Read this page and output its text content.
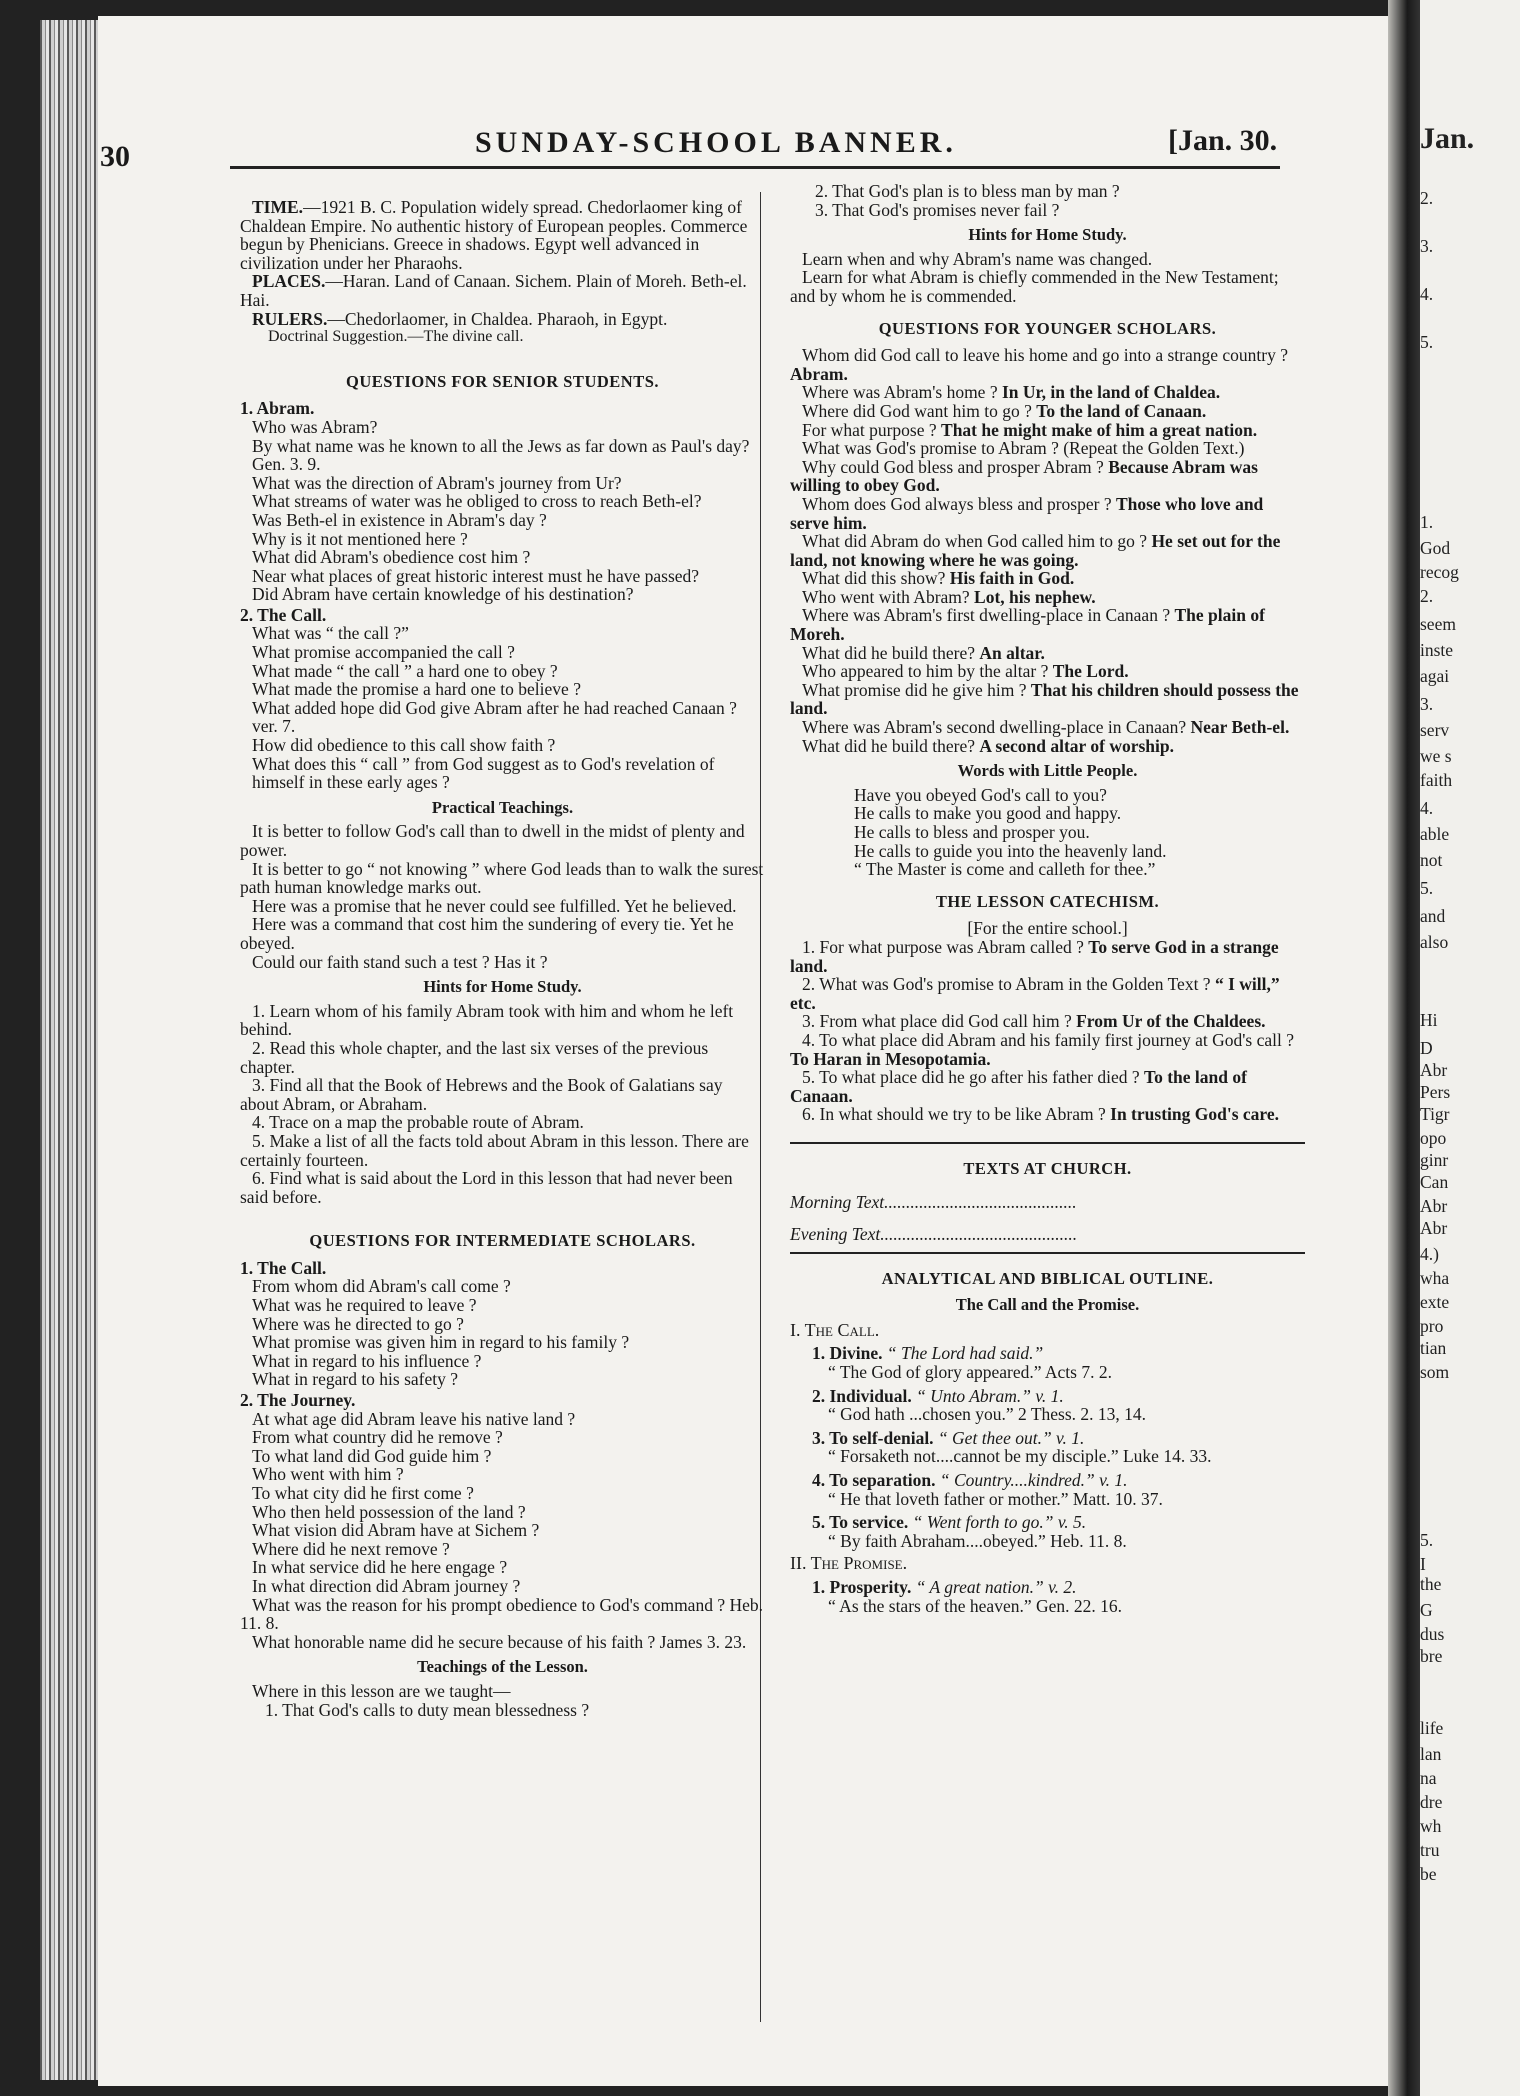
Jan.
2.
3.
4.
5.
1.
God
recog
2.
seem
inste
agai
3.
serv
we s
faith
4.
able
not
5.
and
also
Hi
D
Abr
Pers
Tigr
opo
ginr
Can
Abr
Abr
4.)
wha
exte
pro
tian
som
5.
I
the
G
dus
bre
life
lan
na
dre
wh
tru
be
30	SUNDAY-SCHOOL BANNER.	[Jan. 30.

TIME.—1921 B. C. Population widely spread. Chedorlaomer king of Chaldean Empire. No authentic history of European peoples. Commerce begun by Phenicians. Greece in shadows. Egypt well advanced in civilization under her Pharaohs.

PLACES.—Haran. Land of Canaan. Sichem. Plain of Moreh. Beth-el. Hai.

RULERS.—Chedorlaomer, in Chaldea. Pharaoh, in Egypt.

Doctrinal Suggestion.—The divine call.

QUESTIONS FOR SENIOR STUDENTS.

1. Abram.

Who was Abram?

By what name was he known to all the Jews as far down as Paul's day? Gen. 3. 9.

What was the direction of Abram's journey from Ur?

What streams of water was he obliged to cross to reach Beth-el?

Was Beth-el in existence in Abram's day ?

Why is it not mentioned here ?

What did Abram's obedience cost him ?

Near what places of great historic interest must he have passed?

Did Abram have certain knowledge of his destination?

2. The Call.

What was “ the call ?”

What promise accompanied the call ?

What made “ the call ” a hard one to obey ?

What made the promise a hard one to believe ?

What added hope did God give Abram after he had reached Canaan ? ver. 7.

How did obedience to this call show faith ?

What does this “ call ” from God suggest as to God's revelation of himself in these early ages ?

Practical Teachings.

It is better to follow God's call than to dwell in the midst of plenty and power.

It is better to go “ not knowing ” where God leads than to walk the surest path human knowledge marks out.

Here was a promise that he never could see fulfilled. Yet he believed.

Here was a command that cost him the sundering of every tie. Yet he obeyed.

Could our faith stand such a test ? Has it ?

Hints for Home Study.

1. Learn whom of his family Abram took with him and whom he left behind.

2. Read this whole chapter, and the last six verses of the previous chapter.

3. Find all that the Book of Hebrews and the Book of Galatians say about Abram, or Abraham.

4. Trace on a map the probable route of Abram.

5. Make a list of all the facts told about Abram in this lesson. There are certainly fourteen.

6. Find what is said about the Lord in this lesson that had never been said before.

QUESTIONS FOR INTERMEDIATE SCHOLARS.

1. The Call.

From whom did Abram's call come ?

What was he required to leave ?

Where was he directed to go ?

What promise was given him in regard to his family ?

What in regard to his influence ?

What in regard to his safety ?

2. The Journey.

At what age did Abram leave his native land ?

From what country did he remove ?

To what land did God guide him ?

Who went with him ?

To what city did he first come ?

Who then held possession of the land ?

What vision did Abram have at Sichem ?

Where did he next remove ?

In what service did he here engage ?

In what direction did Abram journey ?

What was the reason for his prompt obedience to God's command ? Heb. 11. 8.

What honorable name did he secure because of his faith ? James 3. 23.

Teachings of the Lesson.

Where in this lesson are we taught—

1. That God's calls to duty mean blessedness ?

2. That God's plan is to bless man by man ?

3. That God's promises never fail ?

Hints for Home Study.

Learn when and why Abram's name was changed.

Learn for what Abram is chiefly commended in the New Testament; and by whom he is commended.

QUESTIONS FOR YOUNGER SCHOLARS.

Whom did God call to leave his home and go into a strange country ? Abram.

Where was Abram's home ? In Ur, in the land of Chaldea.

Where did God want him to go ? To the land of Canaan.

For what purpose ? That he might make of him a great nation.

What was God's promise to Abram ? (Repeat the Golden Text.)

Why could God bless and prosper Abram ? Because Abram was willing to obey God.

Whom does God always bless and prosper ? Those who love and serve him.

What did Abram do when God called him to go ? He set out for the land, not knowing where he was going.

What did this show? His faith in God.

Who went with Abram? Lot, his nephew.

Where was Abram's first dwelling-place in Canaan ? The plain of Moreh.

What did he build there? An altar.

Who appeared to him by the altar ? The Lord.

What promise did he give him ? That his children should possess the land.

Where was Abram's second dwelling-place in Canaan? Near Beth-el.

What did he build there? A second altar of worship.

Words with Little People.

Have you obeyed God's call to you?

He calls to make you good and happy.

He calls to bless and prosper you.

He calls to guide you into the heavenly land.

“ The Master is come and calleth for thee.”

THE LESSON CATECHISM.

[For the entire school.]

1. For what purpose was Abram called ? To serve God in a strange land.

2. What was God's promise to Abram in the Golden Text ? “ I will,” etc.

3. From what place did God call him ? From Ur of the Chaldees.

4. To what place did Abram and his family first journey at God's call ? To Haran in Mesopotamia.

5. To what place did he go after his father died ? To the land of Canaan.

6. In what should we try to be like Abram ? In trusting God's care.

TEXTS AT CHURCH.

Morning Text............................................

Evening Text.............................................

ANALYTICAL AND BIBLICAL OUTLINE.

The Call and the Promise.

I. The Call.

1. Divine. “ The Lord had said.”

“ The God of glory appeared.” Acts 7. 2.

2. Individual. “ Unto Abram.” v. 1.

“ God hath ...chosen you.” 2 Thess. 2. 13, 14.

3. To self-denial. “ Get thee out.” v. 1.

“ Forsaketh not....cannot be my disciple.” Luke 14. 33.

4. To separation. “ Country....kindred.” v. 1.

“ He that loveth father or mother.” Matt. 10. 37.

5. To service. “ Went forth to go.” v. 5.

“ By faith Abraham....obeyed.” Heb. 11. 8.

II. The Promise.

1. Prosperity. “ A great nation.” v. 2.

“ As the stars of the heaven.” Gen. 22. 16.
